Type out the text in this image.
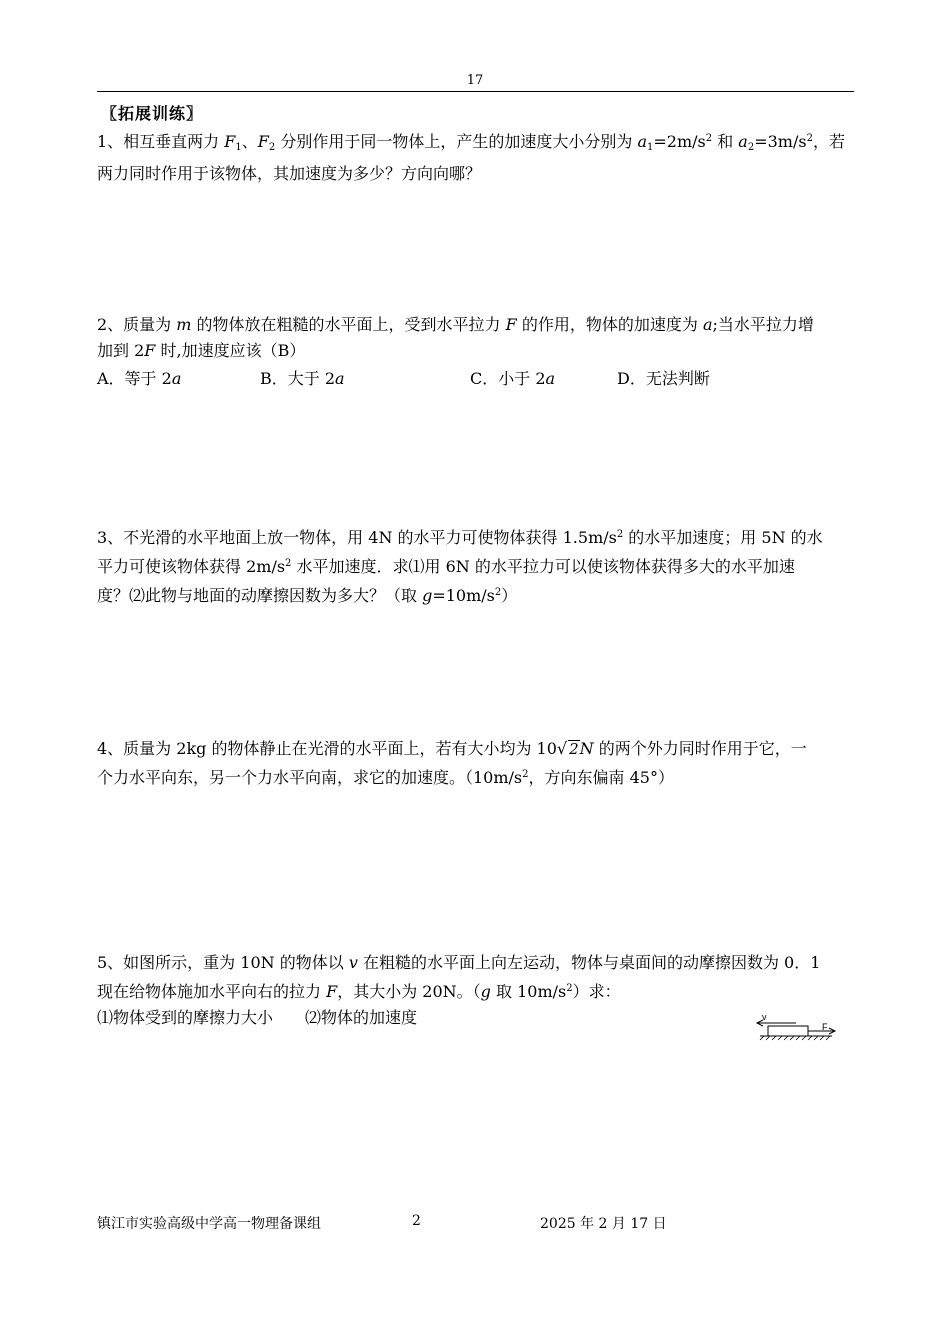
17
〖拓展训练〗
1、相互垂直两力 $F_1$、$F_2$ 分别作用于同一物体上，产生的加速度大小分别为 $a_1=2m/s^2$ 和 $a_2=3m/s^2$，若
两力同时作用于该物体，其加速度为多少？方向向哪？
2、质量为 m 的物体放在粗糙的水平面上，受到水平拉力 F 的作用，物体的加速度为 a;当水平拉力增
加到 2F 时,加速度应该（B）
A．等于 2a	B．大于 2a	C．小于 2a	D．无法判断
3、不光滑的水平地面上放一物体，用 4N 的水平力可使物体获得 $1.5m/s^2$ 的水平加速度；用 5N 的水
平力可使该物体获得 $2m/s^2$ 水平加速度．求⑴用 6N 的水平拉力可以使该物体获得多大的水平加速
度？⑵此物与地面的动摩擦因数为多大？（取 $g=10m/s^2$）
4、质量为 2kg 的物体静止在光滑的水平面上，若有大小均为 10√ 2N 的两个外力同时作用于它，一
个力水平向东，另一个力水平向南，求它的加速度。（$10m/s^2$，方向东偏南 45°）
5、如图所示，重为 10N 的物体以 v 在粗糙的水平面上向左运动，物体与桌面间的动摩擦因数为 0．1
现在给物体施加水平向右的拉力 F，其大小为 20N。（g 取 $10m/s^2$）求：
⑴物体受到的摩擦力大小　　⑵物体的加速度	v
F
镇江市实验高级中学高一物理备课组	2	2025 年 2 月 17 日
